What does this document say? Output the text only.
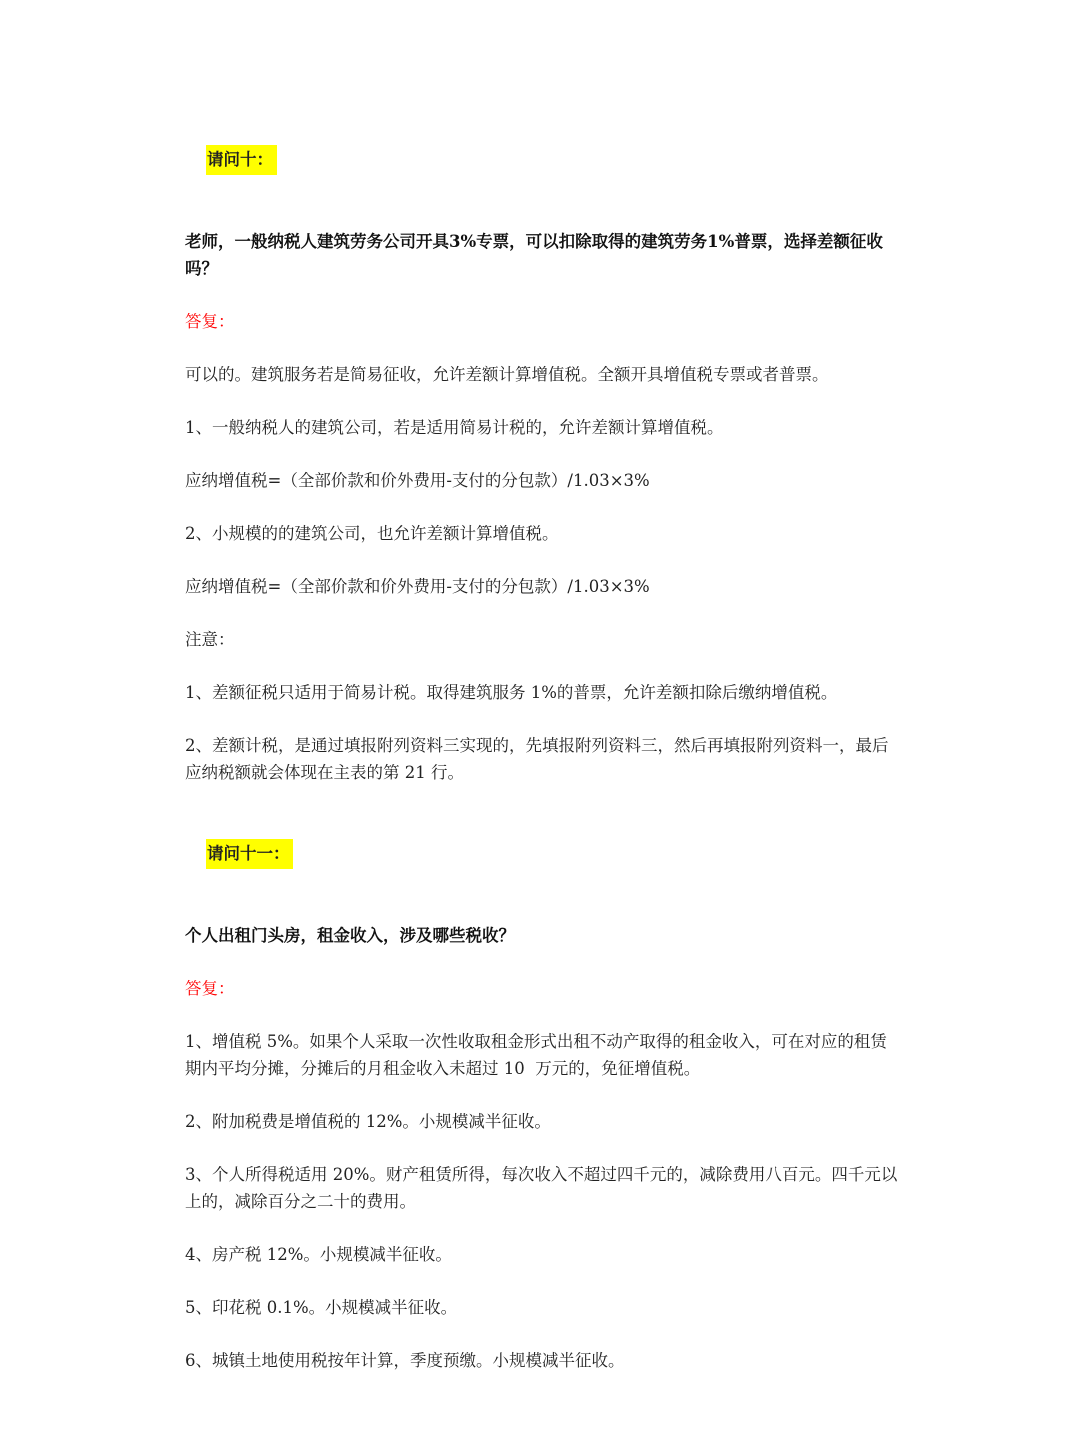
请问十：

老师，一般纳税人建筑劳务公司开具3%专票，可以扣除取得的建筑劳务1%普票，选择差额征收吗？
答复：
可以的。建筑服务若是简易征收，允许差额计算增值税。全额开具增值税专票或者普票。
1、一般纳税人的建筑公司，若是适用简易计税的，允许差额计算增值税。
应纳增值税=（全部价款和价外费用-支付的分包款）/1.03×3%
2、小规模的的建筑公司，也允许差额计算增值税。
应纳增值税=（全部价款和价外费用-支付的分包款）/1.03×3%
注意：
1、差额征税只适用于简易计税。取得建筑服务 1%的普票，允许差额扣除后缴纳增值税。
2、差额计税，是通过填报附列资料三实现的，先填报附列资料三，然后再填报附列资料一，最后应纳税额就会体现在主表的第 21 行。

请问十一：

个人出租门头房，租金收入，涉及哪些税收？
答复：
1、增值税 5%。如果个人采取一次性收取租金形式出租不动产取得的租金收入，可在对应的租赁期内平均分摊，分摊后的月租金收入未超过 10  万元的，免征增值税。
2、附加税费是增值税的 12%。小规模减半征收。
3、个人所得税适用 20%。财产租赁所得，每次收入不超过四千元的，减除费用八百元。四千元以上的，减除百分之二十的费用。
4、房产税 12%。小规模减半征收。
5、印花税 0.1%。小规模减半征收。
6、城镇土地使用税按年计算，季度预缴。小规模减半征收。
